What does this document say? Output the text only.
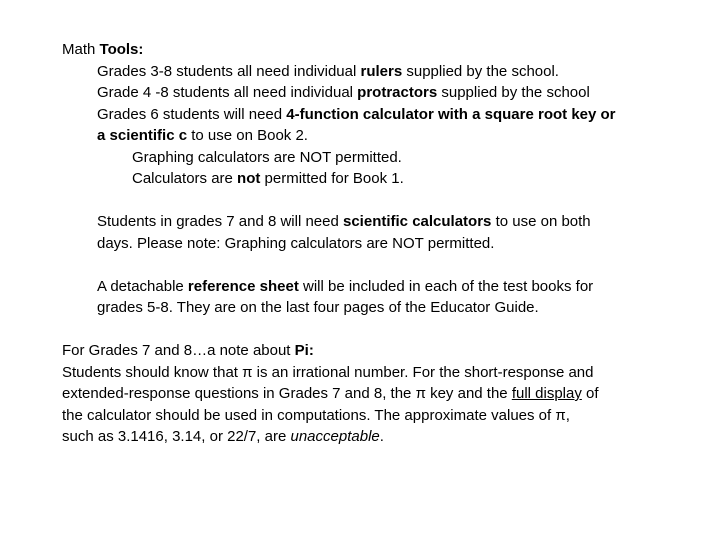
Math Tools:

Grades 3-8 students all need individual rulers supplied by the school.

Grade 4 -8 students all need individual protractors supplied by the school

Grades 6 students will need 4-function calculator with a square root key or

a scientific c to use on Book 2.

Graphing calculators are NOT permitted.

Calculators are not permitted for Book 1.

Students in grades 7 and 8 will need scientific calculators to use on both

days. Please note: Graphing calculators are NOT permitted.

A detachable reference sheet will be included in each of the test books for

grades 5-8. They are on the last four pages of the Educator Guide.

For Grades 7 and 8…a note about Pi:

Students should know that π is an irrational number. For the short-response and

extended-response questions in Grades 7 and 8, the π key and the full display of

the calculator should be used in computations. The approximate values of π,

such as 3.1416, 3.14, or 22/7, are unacceptable.
